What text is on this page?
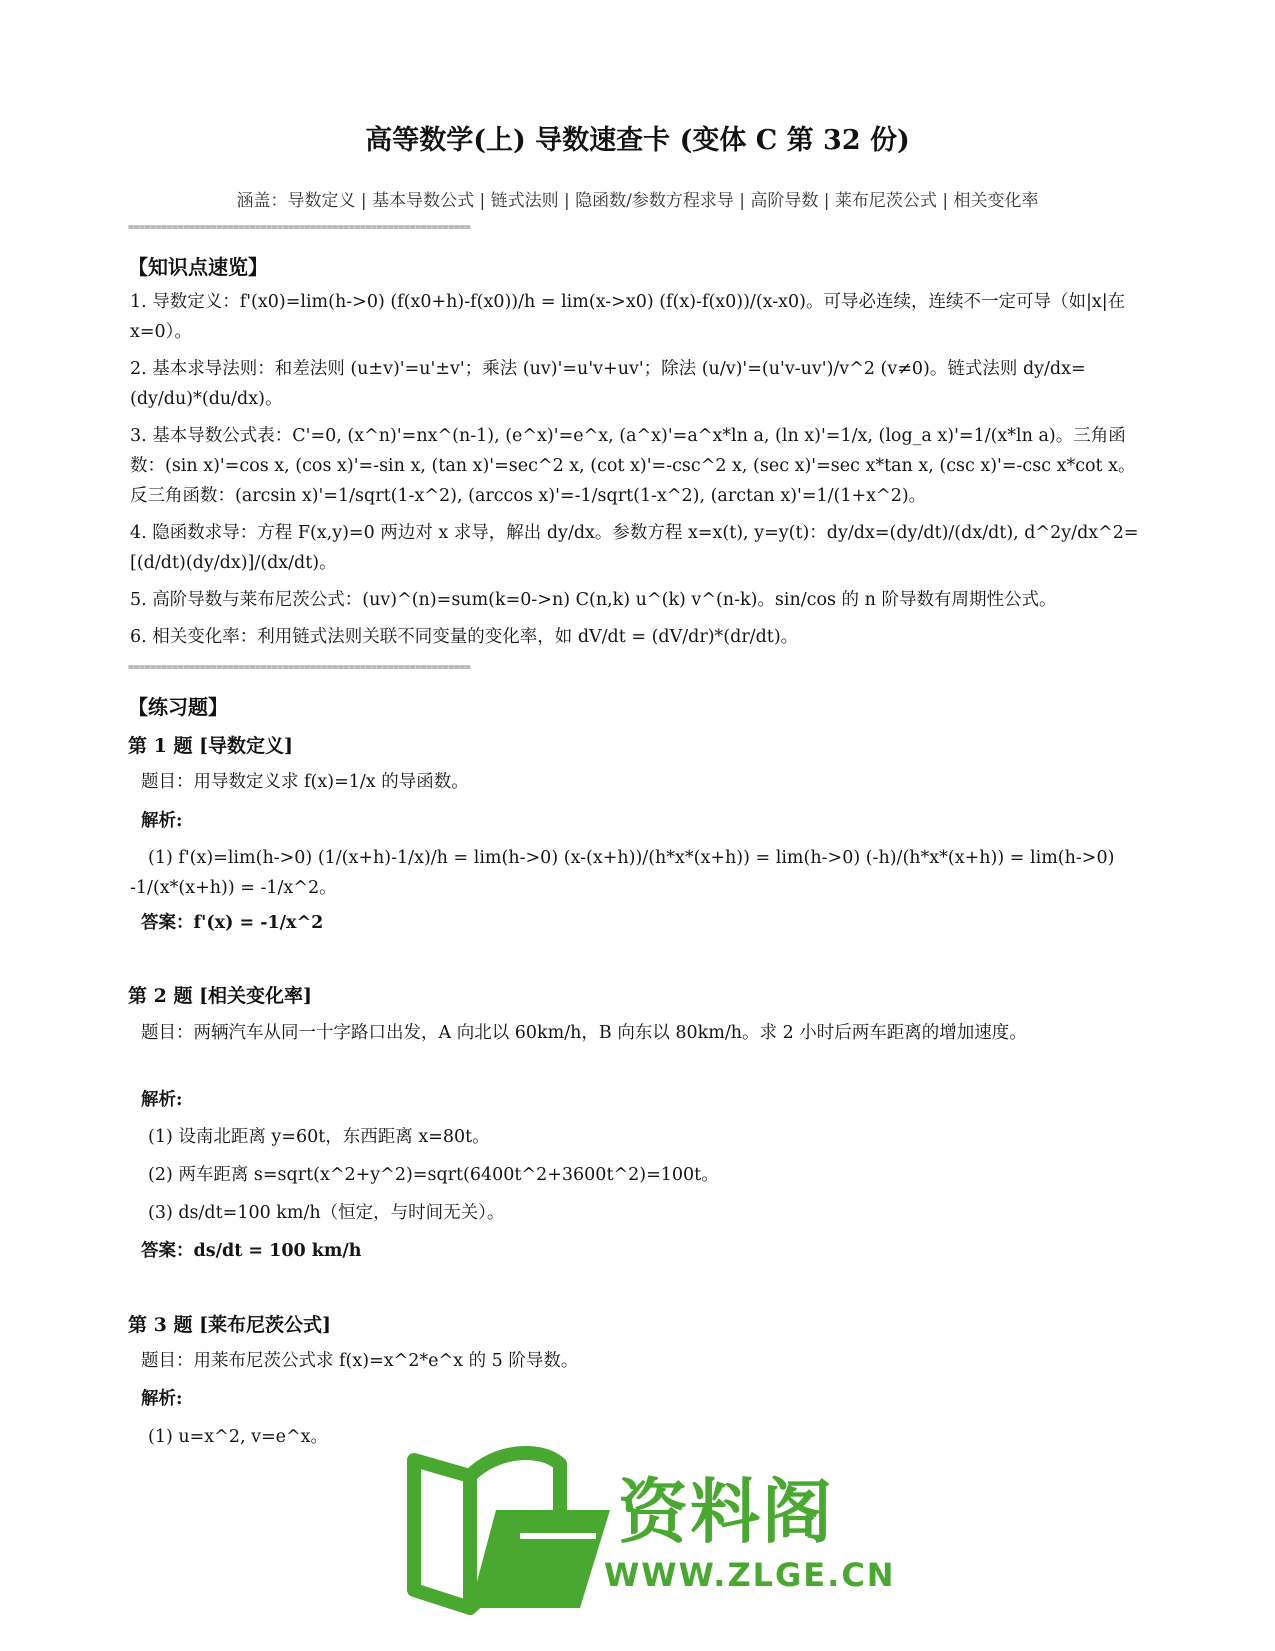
高等数学(上) 导数速查卡 (变体 C 第 32 份)
涵盖：导数定义 | 基本导数公式 | 链式法则 | 隐函数/参数方程求导 | 高阶导数 | 莱布尼茨公式 | 相关变化率
==============================================================
【知识点速览】
1. 导数定义：f'(x0)=lim(h->0) (f(x0+h)-f(x0))/h = lim(x->x0) (f(x)-f(x0))/(x-x0)。可导必连续，连续不一定可导（如|x|在 x=0）。
2. 基本求导法则：和差法则 (u±v)'=u'±v'；乘法 (uv)'=u'v+uv'；除法 (u/v)'=(u'v-uv')/v^2 (v≠0)。链式法则 dy/dx=(dy/du)*(du/dx)。
3. 基本导数公式表：C'=0, (x^n)'=nx^(n-1), (e^x)'=e^x, (a^x)'=a^x*ln a, (ln x)'=1/x, (log_a x)'=1/(x*ln a)。三角函数：(sin x)'=cos x, (cos x)'=-sin x, (tan x)'=sec^2 x, (cot x)'=-csc^2 x, (sec x)'=sec x*tan x, (csc x)'=-csc x*cot x。反三角函数：(arcsin x)'=1/sqrt(1-x^2), (arccos x)'=-1/sqrt(1-x^2), (arctan x)'=1/(1+x^2)。
4. 隐函数求导：方程 F(x,y)=0 两边对 x 求导，解出 dy/dx。参数方程 x=x(t), y=y(t)：dy/dx=(dy/dt)/(dx/dt), d^2y/dx^2=[(d/dt)(dy/dx)]/(dx/dt)。
5. 高阶导数与莱布尼茨公式：(uv)^(n)=sum(k=0->n) C(n,k) u^(k) v^(n-k)。sin/cos 的 n 阶导数有周期性公式。
6. 相关变化率：利用链式法则关联不同变量的变化率，如 dV/dt = (dV/dr)*(dr/dt)。
==============================================================
【练习题】
第 1 题 [导数定义]
题目：用导数定义求 f(x)=1/x 的导函数。
解析:
(1) f'(x)=lim(h->0) (1/(x+h)-1/x)/h = lim(h->0) (x-(x+h))/(h*x*(x+h)) = lim(h->0) (-h)/(h*x*(x+h)) = lim(h->0) -1/(x*(x+h)) = -1/x^2。
答案：f'(x) = -1/x^2
第 2 题 [相关变化率]
题目：两辆汽车从同一十字路口出发，A 向北以 60km/h，B 向东以 80km/h。求 2 小时后两车距离的增加速度。
解析:
(1) 设南北距离 y=60t，东西距离 x=80t。
(2) 两车距离 s=sqrt(x^2+y^2)=sqrt(6400t^2+3600t^2)=100t。
(3) ds/dt=100 km/h（恒定，与时间无关）。
答案：ds/dt = 100 km/h
第 3 题 [莱布尼茨公式]
题目：用莱布尼茨公式求 f(x)=x^2*e^x 的 5 阶导数。
解析:
(1) u=x^2, v=e^x。
资料阁
WWW.ZLGE.CN
